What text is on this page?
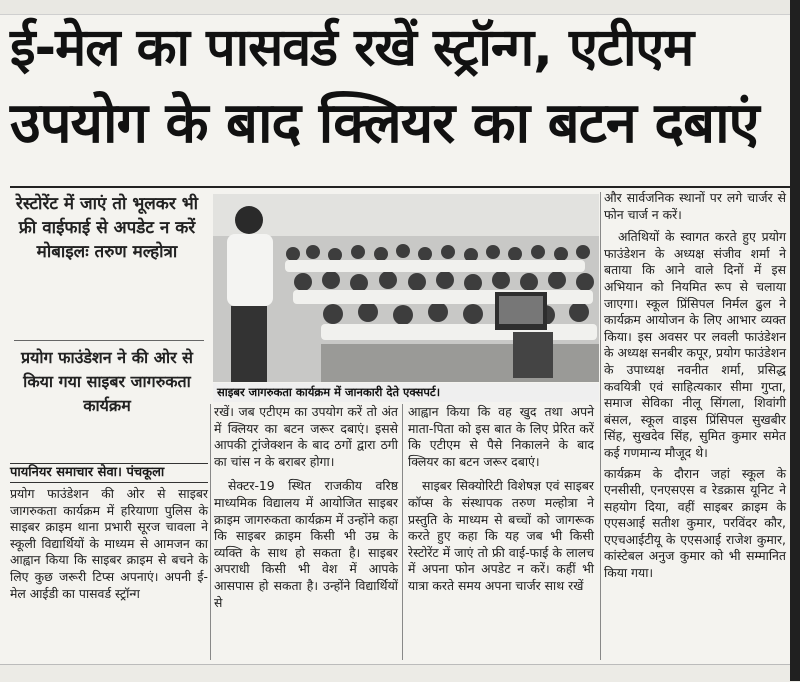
ई-मेल का पासवर्ड रखें स्ट्रॉन्ग, एटीएम
उपयोग के बाद क्लियर का बटन दबाएं
रेस्टोरेंट में जाएं तो भूलकर भी फ्री वाईफाई से अपडेट न करें मोबाइलः तरुण मल्होत्रा
प्रयोग फाउंडेशन ने की ओर से किया गया साइबर जागरुकता कार्यक्रम
साइबर जागरुकता कार्यक्रम में जानकारी देते एक्सपर्ट।
पायनियर समाचार सेवा। पंचकूला

प्रयोग फाउंडेशन की ओर से साइबर जागरुकता कार्यक्रम में हरियाणा पुलिस के साइबर क्राइम थाना प्रभारी सूरज चावला ने स्कूली विद्यार्थियों के माध्यम से आमजन का आह्वान किया कि साइबर क्राइम से बचने के लिए कुछ जरूरी टिप्स अपनाएं। अपनी ई-मेल आईडी का पासवर्ड स्ट्रॉन्ग

रखें। जब एटीएम का उपयोग करें तो अंत में क्लियर का बटन जरूर दबाएं। इससे आपकी ट्रांजेक्शन के बाद ठगों द्वारा ठगी का चांस न के बराबर होगा।

सेक्टर-19 स्थित राजकीय वरिष्ठ माध्यमिक विद्यालय में आयोजित साइबर क्राइम जागरुकता कार्यक्रम में उन्होंने कहा कि साइबर क्राइम किसी भी उम्र के व्यक्ति के साथ हो सकता है। साइबर अपराधी किसी भी वेश में आपके आसपास हो सकता है। उन्होंने विद्यार्थियों से

आह्वान किया कि वह खुद तथा अपने माता-पिता को इस बात के लिए प्रेरित करें कि एटीएम से पैसे निकालने के बाद क्लियर का बटन जरूर दबाएं।

साइबर सिक्योरिटी विशेषज्ञ एवं साइबर कॉप्स के संस्थापक तरुण मल्होत्रा ने प्रस्तुति के माध्यम से बच्चों को जागरूक करते हुए कहा कि यह जब भी किसी रेस्टोरेंट में जाएं तो फ्री वाई-फाई के लालच में अपना फोन अपडेट न करें। कहीं भी यात्रा करते समय अपना चार्जर साथ रखें

और सार्वजनिक स्थानों पर लगे चार्जर से फोन चार्ज न करें।

अतिथियों के स्वागत करते हुए प्रयोग फाउंडेशन के अध्यक्ष संजीव शर्मा ने बताया कि आने वाले दिनों में इस अभियान को नियमित रूप से चलाया जाएगा। स्कूल प्रिंसिपल निर्मल ढुल ने कार्यक्रम आयोजन के लिए आभार व्यक्त किया। इस अवसर पर लवली फाउंडेशन के अध्यक्ष सनबीर कपूर, प्रयोग फाउंडेशन के उपाध्यक्ष नवनीत शर्मा, प्रसिद्ध कवयित्री एवं साहित्यकार सीमा गुप्ता, समाज सेविका नीलू सिंगला, शिवांगी बंसल, स्कूल वाइस प्रिंसिपल सुखबीर सिंह, सुखदेव सिंह, सुमित कुमार समेत कई गणमान्य मौजूद थे।

कार्यक्रम के दौरान जहां स्कूल के एनसीसी, एनएसएस व रेडक्रास यूनिट ने सहयोग दिया, वहीं साइबर क्राइम के एएसआई सतीश कुमार, परविंदर कौर, एएचआईटीयू के एएसआई राजेश कुमार, कांस्टेबल अनुज कुमार को भी सम्मानित किया गया।
